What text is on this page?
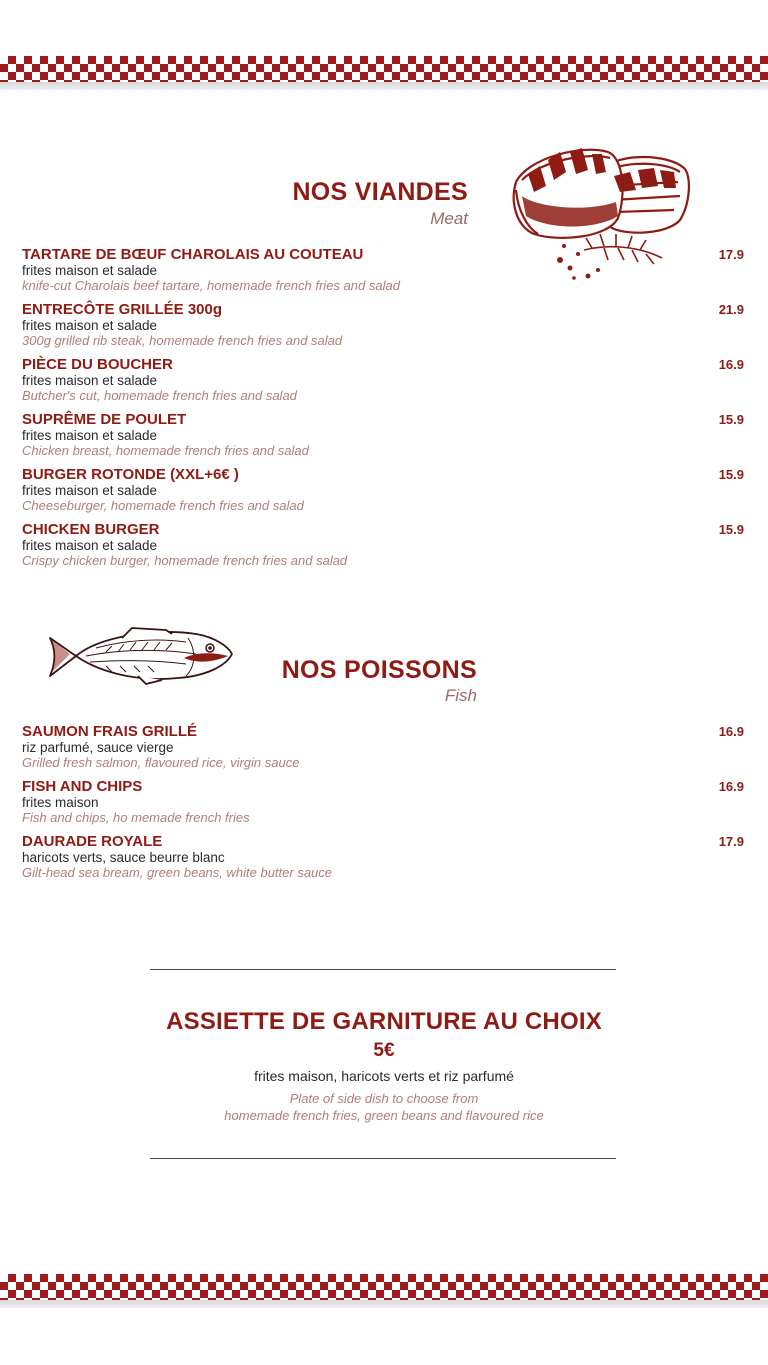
NOS VIANDES
Meat
TARTARE DE BŒUF CHAROLAIS AU COUTEAU
frites maison et salade
knife-cut Charolais beef tartare, homemade french fries and salad
17.9
ENTRECÔTE GRILLÉE 300g
frites maison et salade
300g grilled rib steak, homemade french fries and salad
21.9
PIÈCE DU BOUCHER
frites maison et salade
Butcher's cut, homemade french fries and salad
16.9
SUPRÊME DE POULET
frites maison et salade
Chicken breast, homemade french fries and salad
15.9
BURGER ROTONDE (XXL+6€ )
frites maison et salade
Cheeseburger, homemade french fries and salad
15.9
CHICKEN BURGER
frites maison et salade
Crispy chicken burger, homemade french fries and salad
15.9
NOS POISSONS
Fish
SAUMON FRAIS GRILLÉ
riz parfumé, sauce vierge
Grilled fresh salmon, flavoured rice, virgin sauce
16.9
FISH AND CHIPS
frites maison
Fish and chips, ho memade french fries
16.9
DAURADE ROYALE
haricots verts, sauce beurre blanc
Gilt-head sea bream, green beans, white butter sauce
17.9
ASSIETTE DE GARNITURE AU CHOIX
5€
frites maison, haricots verts et riz parfumé
Plate of side dish to choose from
homemade french fries, green beans and flavoured rice
